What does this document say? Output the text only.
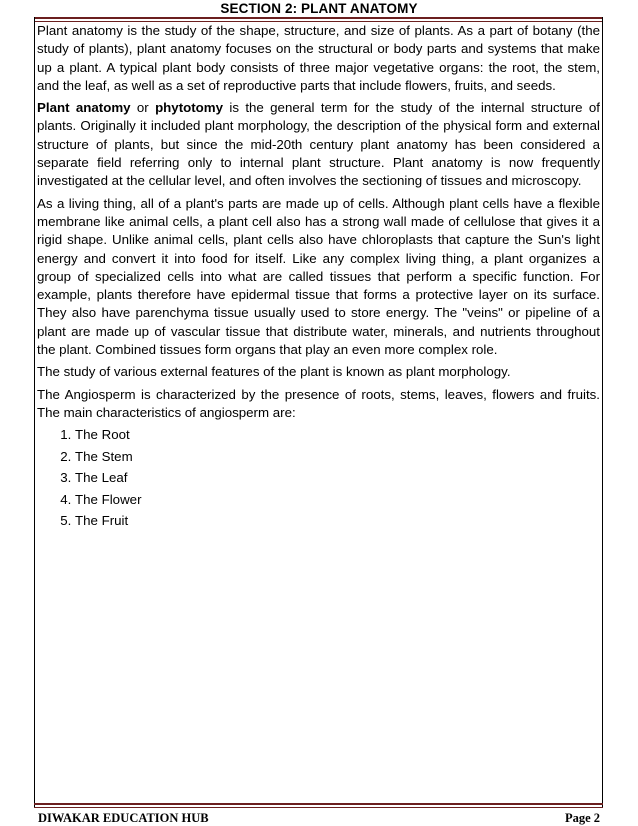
SECTION 2: PLANT ANATOMY

Plant anatomy is the study of the shape, structure, and size of plants. As a part of botany (the study of plants), plant anatomy focuses on the structural or body parts and systems that make up a plant. A typical plant body consists of three major vegetative organs: the root, the stem, and the leaf, as well as a set of reproductive parts that include flowers, fruits, and seeds.

Plant anatomy or phytotomy is the general term for the study of the internal structure of plants. Originally it included plant morphology, the description of the physical form and external structure of plants, but since the mid-20th century plant anatomy has been considered a separate field referring only to internal plant structure. Plant anatomy is now frequently investigated at the cellular level, and often involves the sectioning of tissues and microscopy.

As a living thing, all of a plant's parts are made up of cells. Although plant cells have a flexible membrane like animal cells, a plant cell also has a strong wall made of cellulose that gives it a rigid shape. Unlike animal cells, plant cells also have chloroplasts that capture the Sun's light energy and convert it into food for itself. Like any complex living thing, a plant organizes a group of specialized cells into what are called tissues that perform a specific function. For example, plants therefore have epidermal tissue that forms a protective layer on its surface. They also have parenchyma tissue usually used to store energy. The "veins" or pipeline of a plant are made up of vascular tissue that distribute water, minerals, and nutrients throughout the plant. Combined tissues form organs that play an even more complex role.

The study of various external features of the plant is known as plant morphology.

The Angiosperm is characterized by the presence of roots, stems, leaves, flowers and fruits. The main characteristics of angiosperm are:

1. The Root
2. The Stem
3. The Leaf
4. The Flower
5. The Fruit
DIWAKAR EDUCATION HUB	Page 2
